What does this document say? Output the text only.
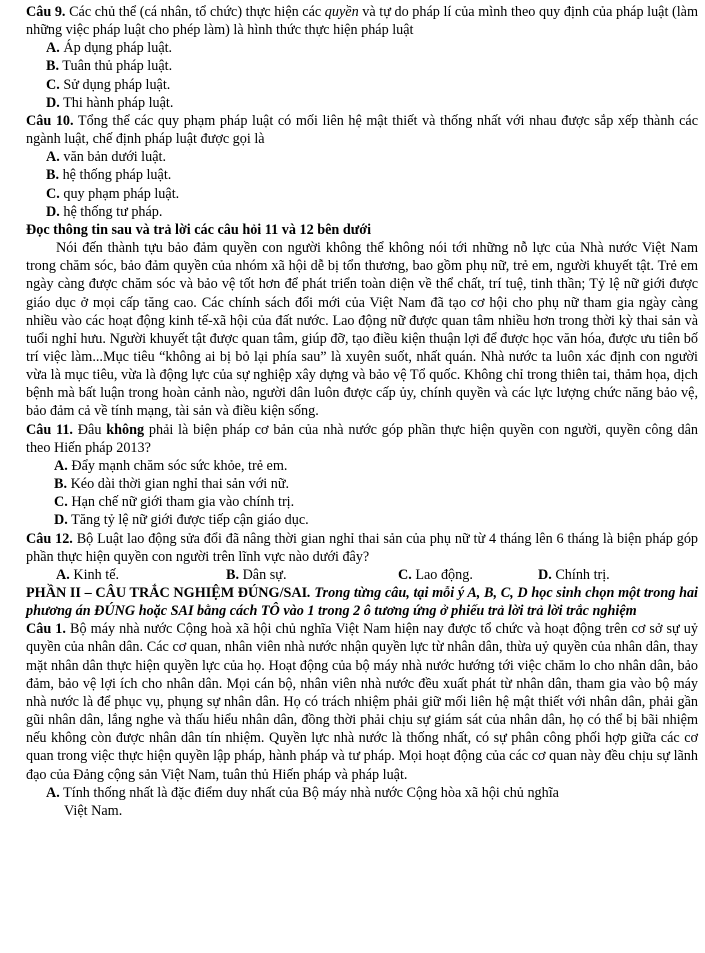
Câu 9. Các chủ thể (cá nhân, tổ chức) thực hiện các quyền và tự do pháp lí của mình theo quy định của pháp luật (làm những việc pháp luật cho phép làm) là hình thức thực hiện pháp luật

A. Áp dụng pháp luật.
B. Tuân thủ pháp luật.
C. Sử dụng pháp luật.
D. Thi hành pháp luật.

Câu 10. Tổng thể các quy phạm pháp luật có mối liên hệ mật thiết và thống nhất với nhau được sắp xếp thành các ngành luật, chế định pháp luật được gọi là

A. văn bản dưới luật.
B. hệ thống pháp luật.
C. quy phạm pháp luật.
D. hệ thống tư pháp.

Đọc thông tin sau và trả lời các câu hỏi 11 và 12 bên dưới

Nói đến thành tựu bảo đảm quyền con người không thể không nói tới những nỗ lực của Nhà nước Việt Nam trong chăm sóc, bảo đảm quyền của nhóm xã hội dễ bị tổn thương, bao gồm phụ nữ, trẻ em, người khuyết tật. Trẻ em ngày càng được chăm sóc và bảo vệ tốt hơn để phát triển toàn diện về thể chất, trí tuệ, tinh thần; Tỷ lệ nữ giới được giáo dục ở mọi cấp tăng cao. Các chính sách đổi mới của Việt Nam đã tạo cơ hội cho phụ nữ tham gia ngày càng nhiều vào các hoạt động kinh tế-xã hội của đất nước. Lao động nữ được quan tâm nhiều hơn trong thời kỳ thai sản và tuổi nghỉ hưu. Người khuyết tật được quan tâm, giúp đỡ, tạo điều kiện thuận lợi để được học văn hóa, được ưu tiên bố trí việc làm...Mục tiêu “không ai bị bỏ lại phía sau” là xuyên suốt, nhất quán. Nhà nước ta luôn xác định con người vừa là mục tiêu, vừa là động lực của sự nghiệp xây dựng và bảo vệ Tổ quốc. Không chỉ trong thiên tai, thảm họa, dịch bệnh mà bất luận trong hoàn cảnh nào, người dân luôn được cấp ủy, chính quyền và các lực lượng chức năng bảo vệ, bảo đảm cả về tính mạng, tài sản và điều kiện sống.

Câu 11. Đâu không phải là biện pháp cơ bản của nhà nước góp phần thực hiện quyền con người, quyền công dân theo Hiến pháp 2013?

A. Đẩy mạnh chăm sóc sức khỏe, trẻ em.
B. Kéo dài thời gian nghỉ thai sản với nữ.
C. Hạn chế nữ giới tham gia vào chính trị.
D. Tăng tỷ lệ nữ giới được tiếp cận giáo dục.

Câu 12. Bộ Luật lao động sửa đổi đã nâng thời gian nghỉ thai sản của phụ nữ từ 4 tháng lên 6 tháng là biện pháp góp phần thực hiện quyền con người trên lĩnh vực nào dưới đây?

A. Kinh tế.	B. Dân sự.	C. Lao động.	D. Chính trị.

PHẦN II – CÂU TRẮC NGHIỆM ĐÚNG/SAI. Trong từng câu, tại mỗi ý A, B, C, D học sinh chọn một trong hai phương án ĐÚNG hoặc SAI bằng cách TÔ vào 1 trong 2 ô tương ứng ở phiếu trả lời trả lời trắc nghiệm

Câu 1. Bộ máy nhà nước Cộng hoà xã hội chủ nghĩa Việt Nam hiện nay được tổ chức và hoạt động trên cơ sở sự uỷ quyền của nhân dân. Các cơ quan, nhân viên nhà nước nhận quyền lực từ nhân dân, thừa uỷ quyền của nhân dân, thay mặt nhân dân thực hiện quyền lực của họ. Hoạt động của bộ máy nhà nước hướng tới việc chăm lo cho nhân dân, bảo đảm, bảo vệ lợi ích cho nhân dân. Mọi cán bộ, nhân viên nhà nước đều xuất phát từ nhân dân, tham gia vào bộ máy nhà nước là để phục vụ, phụng sự nhân dân. Họ có trách nhiệm phải giữ mối liên hệ mật thiết với nhân dân, phải gần gũi nhân dân, lắng nghe và thấu hiểu nhân dân, đồng thời phải chịu sự giám sát của nhân dân, họ có thể bị bãi nhiệm nếu không còn được nhân dân tín nhiệm. Quyền lực nhà nước là thống nhất, có sự phân công phối hợp giữa các cơ quan trong việc thực hiện quyền lập pháp, hành pháp và tư pháp. Mọi hoạt động của các cơ quan này đều chịu sự lãnh đạo của Đảng cộng sản Việt Nam, tuân thủ Hiến pháp và pháp luật.

A. Tính thống nhất là đặc điểm duy nhất của Bộ máy nhà nước Cộng hòa xã hội chủ nghĩa
Việt Nam.
